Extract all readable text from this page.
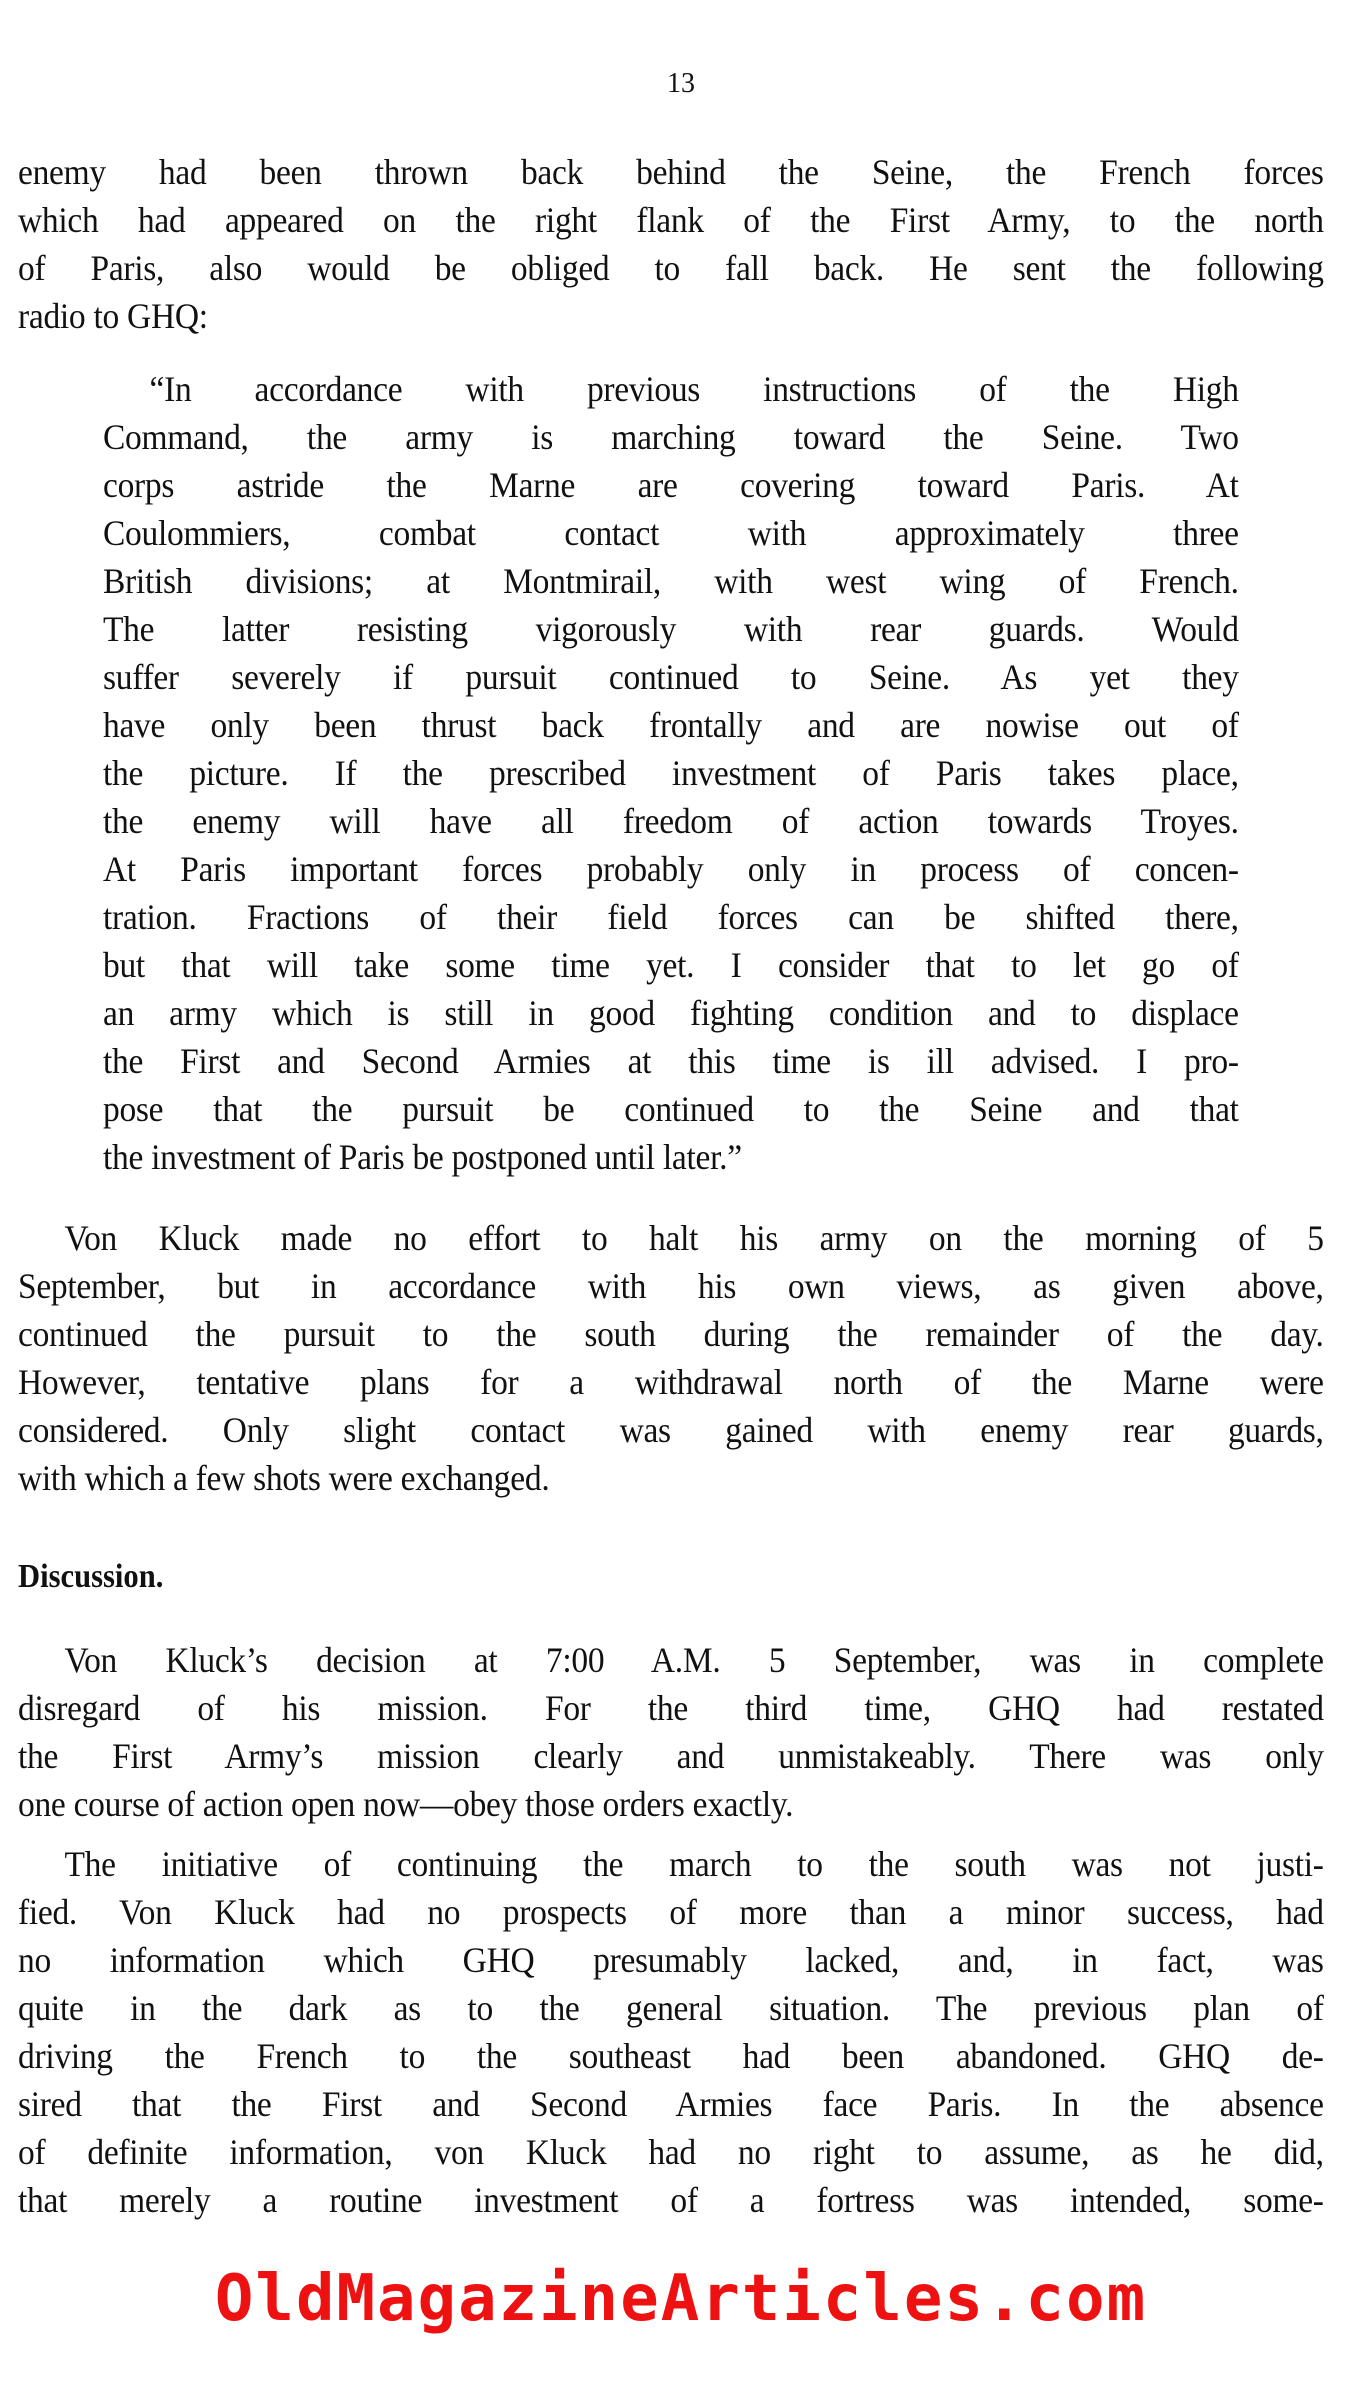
13
enemy had been thrown back behind the Seine, the French forces
which had appeared on the right flank of the First Army, to the north
of Paris, also would be obliged to fall back. He sent the following
radio to GHQ:
“In accordance with previous instructions of the High
Command, the army is marching toward the Seine. Two
corps astride the Marne are covering toward Paris. At
Coulommiers, combat contact with approximately three
British divisions; at Montmirail, with west wing of French.
The latter resisting vigorously with rear guards. Would
suffer severely if pursuit continued to Seine. As yet they
have only been thrust back frontally and are nowise out of
the picture. If the prescribed investment of Paris takes place,
the enemy will have all freedom of action towards Troyes.
At Paris important forces probably only in process of concen-
tration. Fractions of their field forces can be shifted there,
but that will take some time yet. I consider that to let go of
an army which is still in good fighting condition and to displace
the First and Second Armies at this time is ill advised. I pro-
pose that the pursuit be continued to the Seine and that
the investment of Paris be postponed until later.”
Von Kluck made no effort to halt his army on the morning of 5
September, but in accordance with his own views, as given above,
continued the pursuit to the south during the remainder of the day.
However, tentative plans for a withdrawal north of the Marne were
considered. Only slight contact was gained with enemy rear guards,
with which a few shots were exchanged.
Discussion.
Von Kluck’s decision at 7:00 A.M. 5 September, was in complete
disregard of his mission. For the third time, GHQ had restated
the First Army’s mission clearly and unmistakeably. There was only
one course of action open now—obey those orders exactly.
The initiative of continuing the march to the south was not justi-
fied. Von Kluck had no prospects of more than a minor success, had
no information which GHQ presumably lacked, and, in fact, was
quite in the dark as to the general situation. The previous plan of
driving the French to the southeast had been abandoned. GHQ de-
sired that the First and Second Armies face Paris. In the absence
of definite information, von Kluck had no right to assume, as he did,
that merely a routine investment of a fortress was intended, some-
OldMagazineArticles.com
